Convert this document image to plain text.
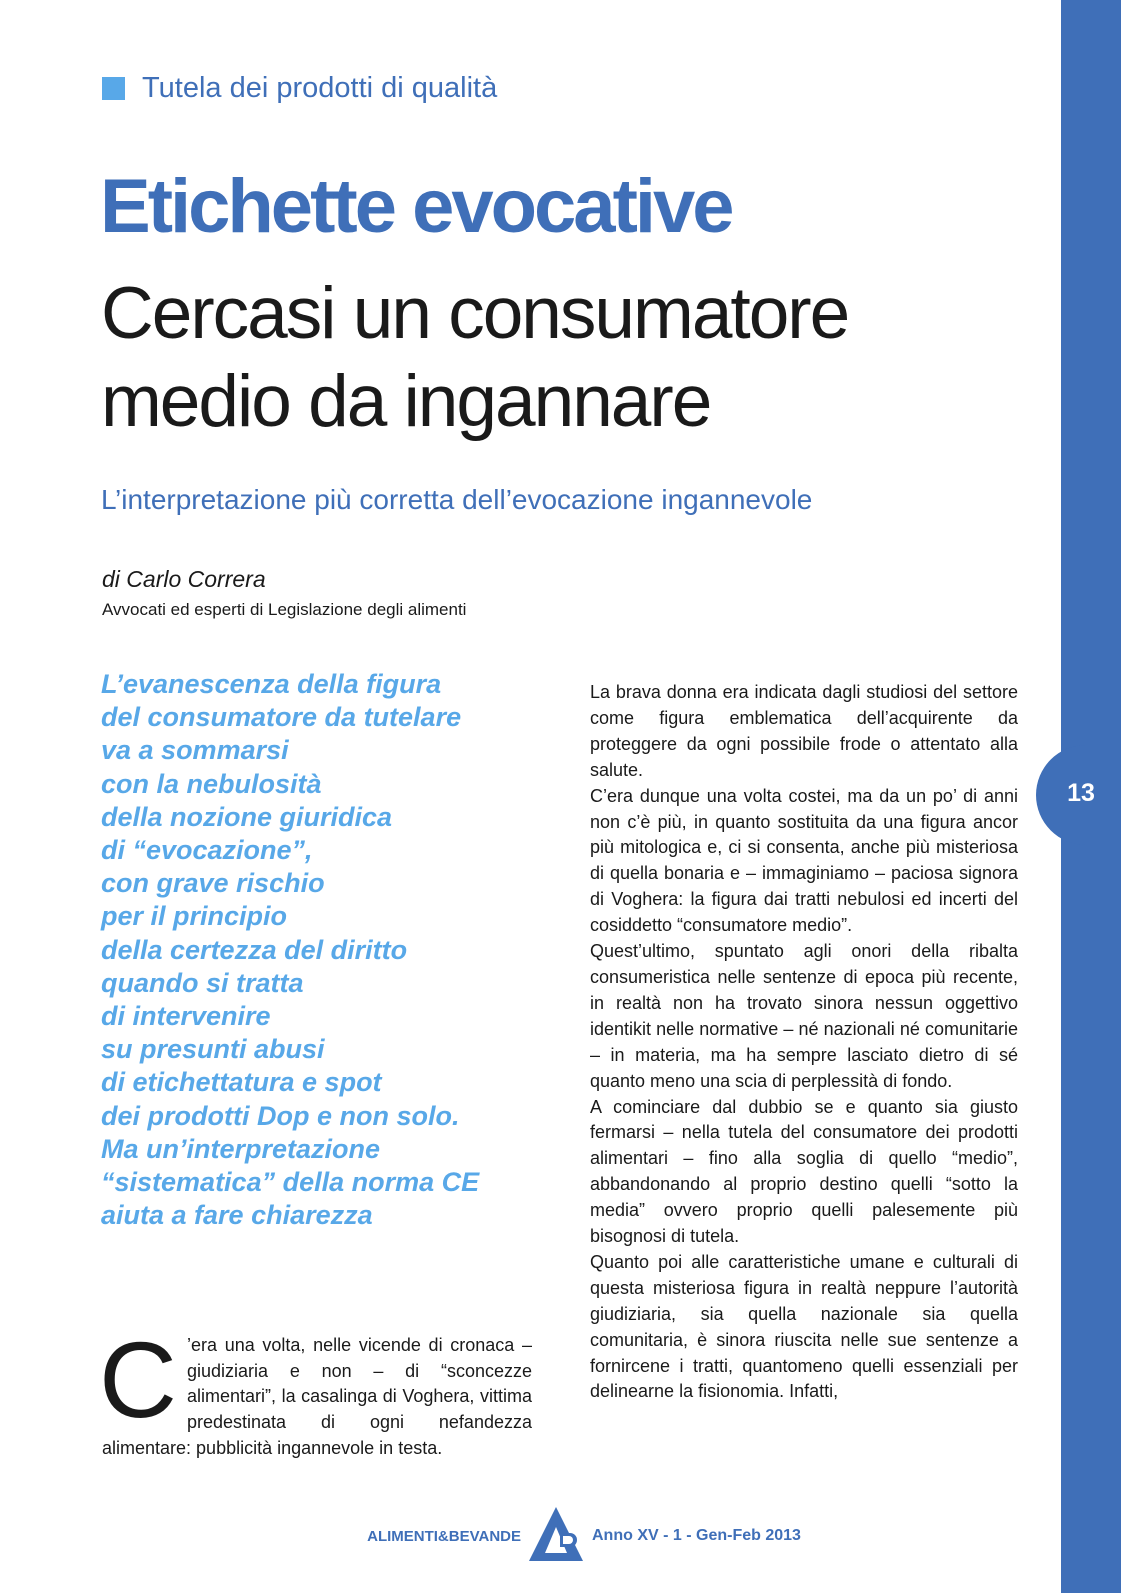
13
Tutela dei prodotti di qualità
Etichette evocative
Cercasi un consumatore
medio da ingannare

L’interpretazione più corretta dell’evocazione ingannevole

di Carlo Correra
Avvocati ed esperti di Legislazione degli alimenti

L’evanescenza della figura
del consumatore da tutelare
va a sommarsi
con la nebulosità
della nozione giuridica
di “evocazione”,
con grave rischio
per il principio
della certezza del diritto
quando si tratta
di intervenire
su presunti abusi
di etichettatura e spot
dei prodotti Dop e non solo.
Ma un’interpretazione
“sistematica” della norma CE
aiuta a fare chiarezza

C ’era una volta, nelle vicende di cronaca – giudiziaria e non – di “sconcezze alimentari”, la casalinga di Voghera, vittima predestinata di ogni nefandezza alimentare: pubblicità ingannevole in testa.

La brava donna era indicata dagli studiosi del settore come figura emblematica dell’acquirente da proteggere da ogni possibile frode o attentato alla salute.

C’era dunque una volta costei, ma da un po’ di anni non c’è più, in quanto sostituita da una figura ancor più mitologica e, ci si consenta, anche più misteriosa di quella bonaria e – immaginiamo – paciosa signora di Voghera: la figura dai tratti nebulosi ed incerti del cosiddetto “consumatore medio”.

Quest’ultimo, spuntato agli onori della ribalta consumeristica nelle sentenze di epoca più recente, in realtà non ha trovato sinora nessun oggettivo identikit nelle normative – né nazionali né comunitarie – in materia, ma ha sempre lasciato dietro di sé quanto meno una scia di perplessità di fondo.

A cominciare dal dubbio se e quanto sia giusto fermarsi – nella tutela del consumatore dei prodotti alimentari – fino alla soglia di quello “medio”, abbandonando al proprio destino quelli “sotto la media” ovvero proprio quelli palesemente più bisognosi di tutela.

Quanto poi alle caratteristiche umane e culturali di questa misteriosa figura in realtà neppure l’autorità giudiziaria, sia quella nazionale sia quella comunitaria, è sinora riuscita nelle sue sentenze a fornircene i tratti, quantomeno quelli essenziali per delinearne la fisionomia. Infatti,

ALIMENTI&BEVANDE	Anno XV - 1 - Gen-Feb 2013
